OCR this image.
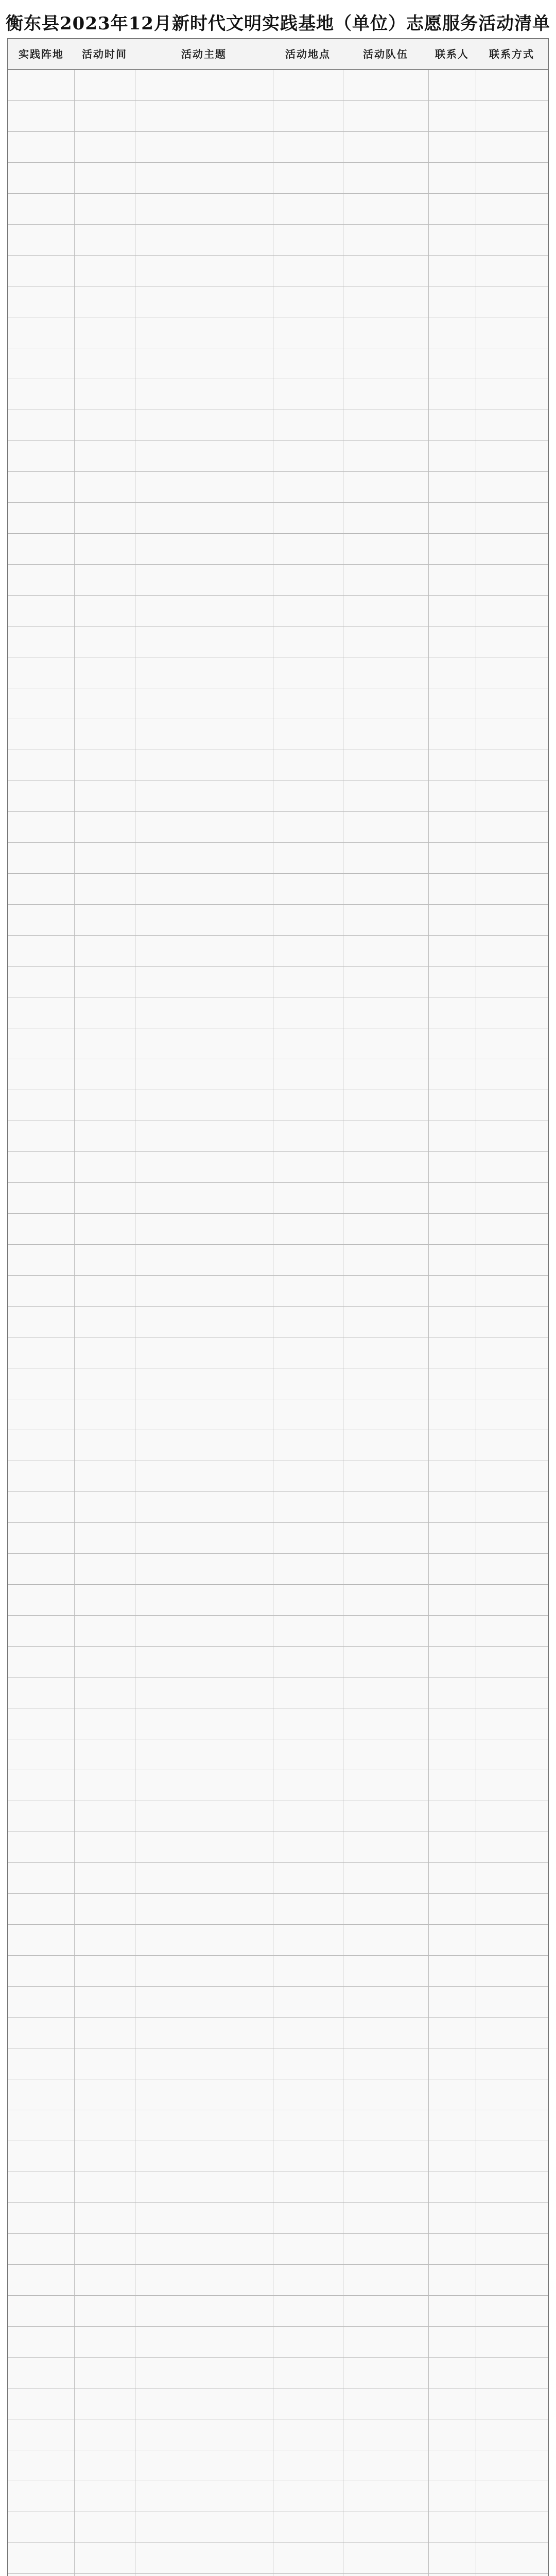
衡东县2023年12月新时代文明实践基地（单位）志愿服务活动清单
实践阵地	活动时间	活动主题	活动地点	活动队伍	联系人	联系方式
